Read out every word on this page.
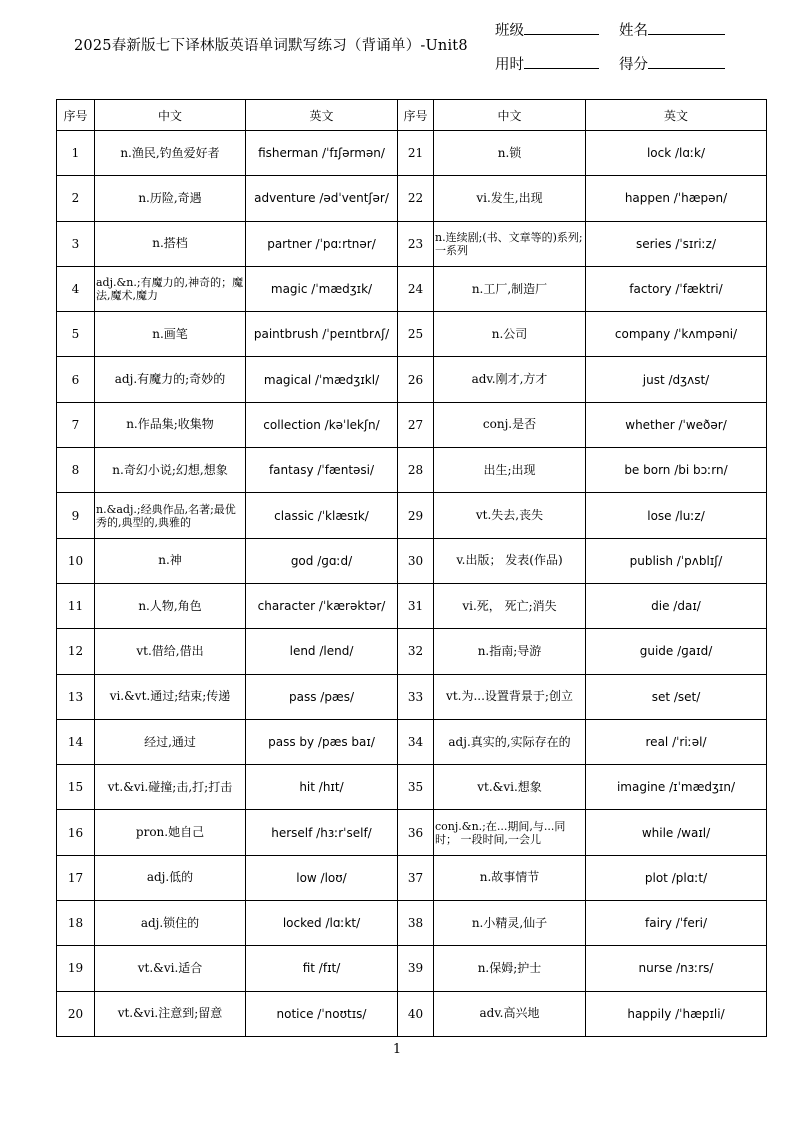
2025春新版七下译林版英语单词默写练习（背诵单）-Unit8
班级	姓名
用时	得分
序号	中文	英文	序号	中文	英文
1	n.渔民,钓鱼爱好者	fisherman /ˈfɪʃərmən/	21	n.锁	lock /lɑːk/
2	n.历险,奇遇	adventure /ədˈventʃər/	22	vi.发生,出现	happen /ˈhæpən/
3	n.搭档	partner /ˈpɑːrtnər/	23	n.连续剧;(书、文章等的)系列;一系列	series /ˈsɪriːz/
4	adj.&n.;有魔力的,神奇的；魔法,魔术,魔力	magic /ˈmædʒɪk/	24	n.工厂,制造厂	factory /ˈfæktri/
5	n.画笔	paintbrush /ˈpeɪntbrʌʃ/	25	n.公司	company /ˈkʌmpəni/
6	adj.有魔力的;奇妙的	magical /ˈmædʒɪkl/	26	adv.刚才,方才	just /dʒʌst/
7	n.作品集;收集物	collection /kəˈlekʃn/	27	conj.是否	whether /ˈweðər/
8	n.奇幻小说;幻想,想象	fantasy /ˈfæntəsi/	28	出生;出现	be born /bi bɔːrn/
9	n.&adj.;经典作品,名著;最优秀的,典型的,典雅的	classic /ˈklæsɪk/	29	vt.失去,丧失	lose /luːz/
10	n.神	god /ɡɑːd/	30	v.出版； 发表(作品)	publish /ˈpʌblɪʃ/
11	n.人物,角色	character /ˈkærəktər/	31	vi.死， 死亡;消失	die /daɪ/
12	vt.借给,借出	lend /lend/	32	n.指南;导游	guide /ɡaɪd/
13	vi.&vt.通过;结束;传递	pass /pæs/	33	vt.为...设置背景于;创立	set /set/
14	经过,通过	pass by /pæs baɪ/	34	adj.真实的,实际存在的	real /ˈriːəl/
15	vt.&vi.碰撞;击,打;打击	hit /hɪt/	35	vt.&vi.想象	imagine /ɪˈmædʒɪn/
16	pron.她自己	herself /hɜːrˈself/	36	conj.&n.;在...期间,与...同时； 一段时间,一会儿	while /waɪl/
17	adj.低的	low /loʊ/	37	n.故事情节	plot /plɑːt/
18	adj.锁住的	locked /lɑːkt/	38	n.小精灵,仙子	fairy /ˈferi/
19	vt.&vi.适合	fit /fɪt/	39	n.保姆;护士	nurse /nɜːrs/
20	vt.&vi.注意到;留意	notice /ˈnoʊtɪs/	40	adv.高兴地	happily /ˈhæpɪli/
1
